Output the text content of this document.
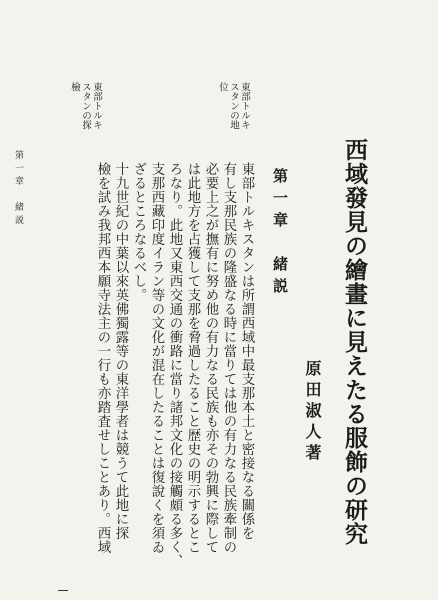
西域發見の繪畫に見えたる服飾の研究
原田淑人著
第一章　緒説
東部トルキスタンは所謂西域中最支那本土と密接なる關係を
有し支那民族の隆盛なる時に當りては他の有力なる民族牽制の
必要上之が撫有に努め他の有力なる民族も亦その勃興に際して
は此地方を占獲して支那を脅過したること歴史の明示するとこ
ろなり。此地又東西交通の衝路に當り諸邦文化の接觸頗る多く、
支那西藏印度イラン等の文化が混在したることは復說くを須ゐ
ざるところなるべし。
十九世紀の中葉以來英佛獨露等の東洋學者は競うて此地に探
檢を試み我邦西本願寺法主の一行も亦踏査せしことあり。西域
東部トルキスタンの地位
東部トルキスタンの探檢
第一章　緒説
